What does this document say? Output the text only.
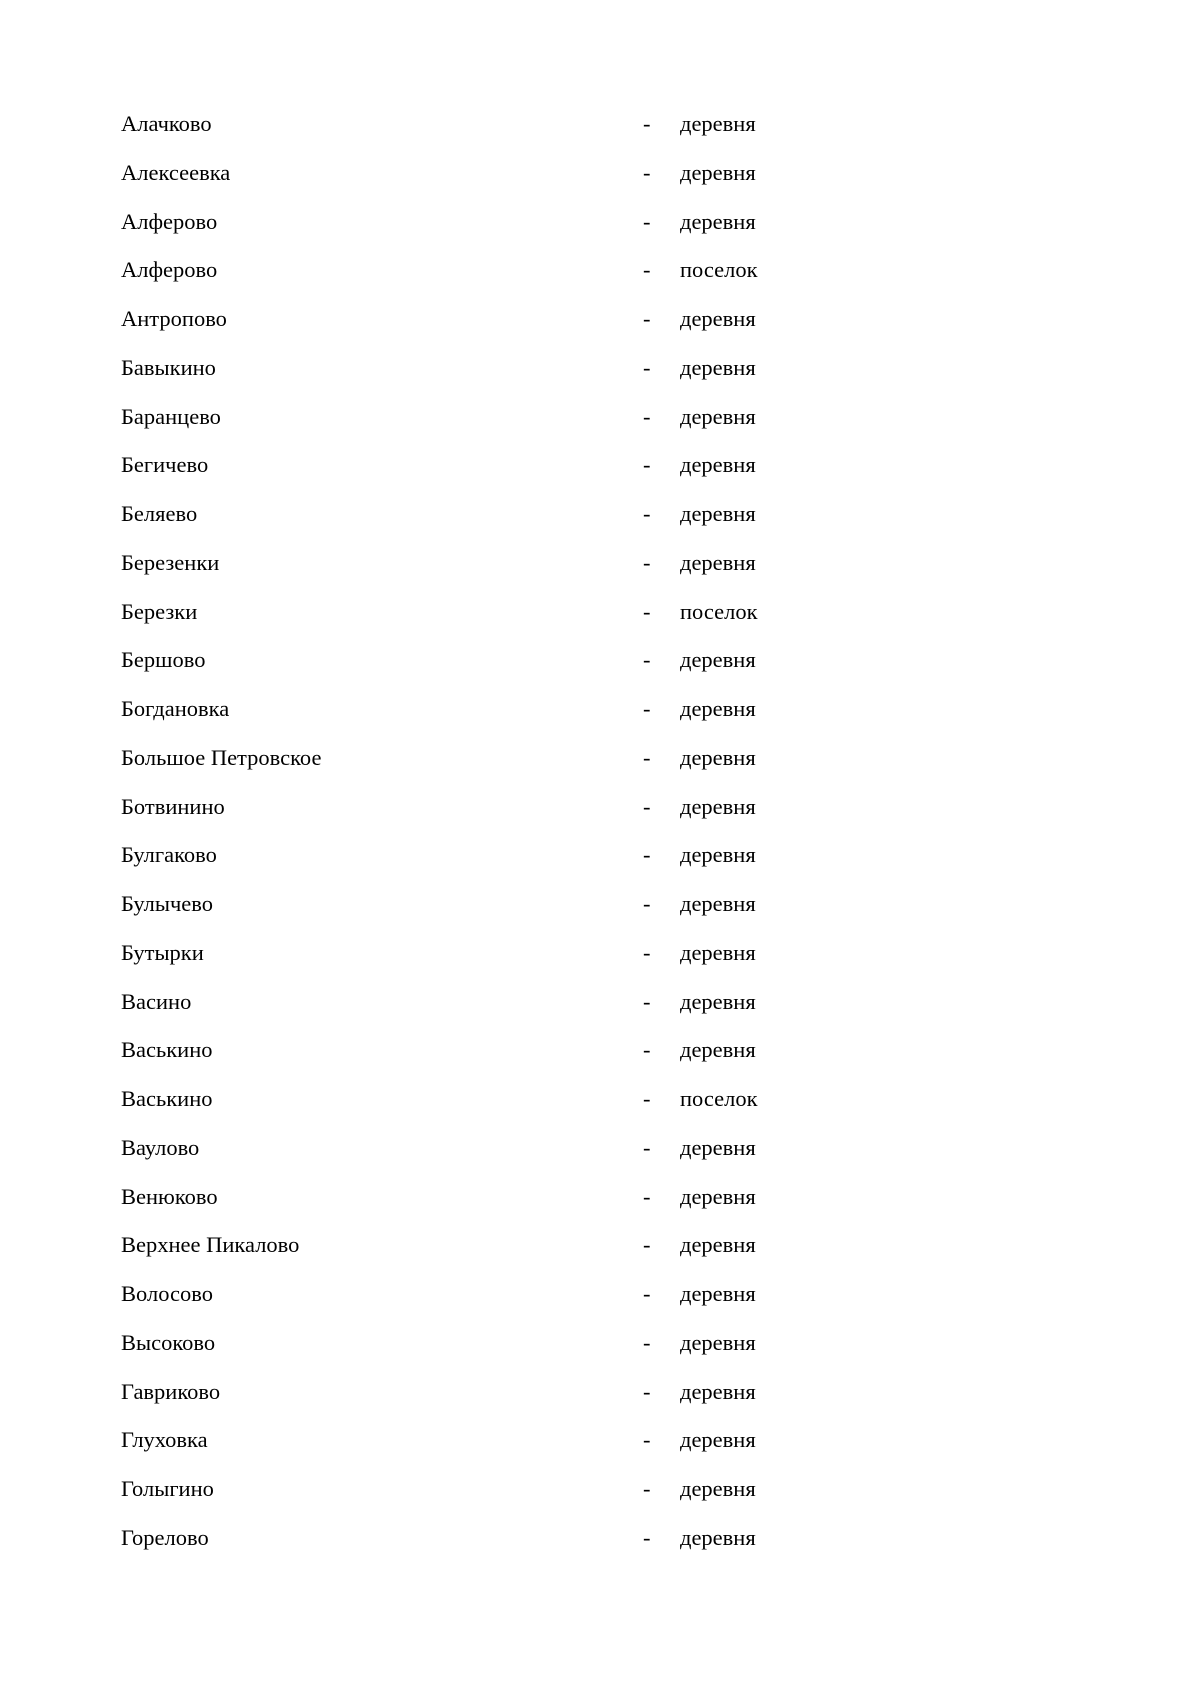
Алачково	- деревня
Алексеевка	- деревня
Алферово	- деревня
Алферово	- поселок
Антропово	- деревня
Бавыкино	- деревня
Баранцево	- деревня
Бегичево	- деревня
Беляево	- деревня
Березенки	- деревня
Березки	- поселок
Бершово	- деревня
Богдановка	- деревня
Большое Петровское	- деревня
Ботвинино	- деревня
Булгаково	- деревня
Булычево	- деревня
Бутырки	- деревня
Васино	- деревня
Васькино	- деревня
Васькино	- поселок
Ваулово	- деревня
Венюково	- деревня
Верхнее Пикалово	- деревня
Волосово	- деревня
Высоково	- деревня
Гавриково	- деревня
Глуховка	- деревня
Голыгино	- деревня
Горелово	- деревня
